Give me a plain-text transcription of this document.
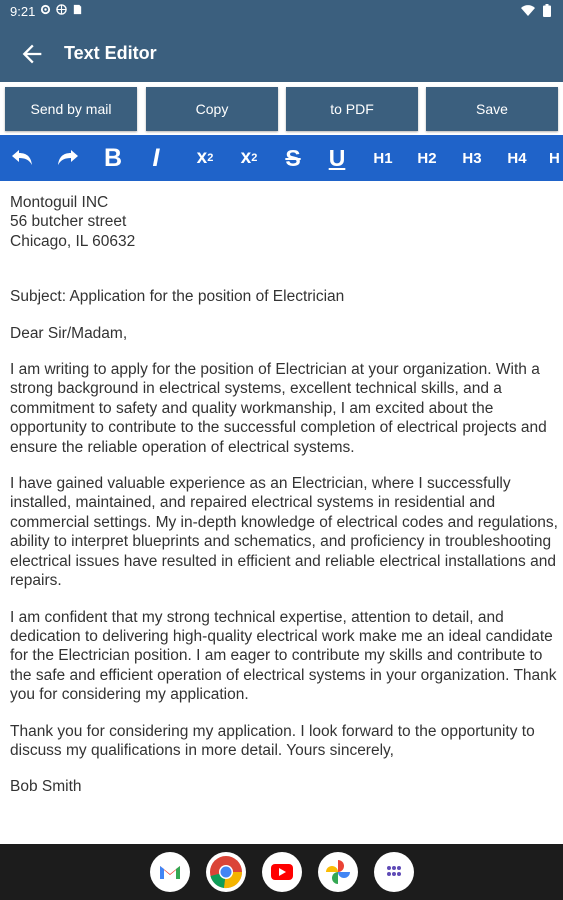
9:21
Text Editor
Send by mail	Copy	to PDF	Save
B	I	x 2	x 2 S U	H1 H2 H3 H4 H

Montoguil INC

56 butcher street

Chicago, IL 60632

Subject: Application for the position of Electrician

Dear Sir/Madam,

I am writing to apply for the position of Electrician at your organization. With a strong background in electrical systems, excellent technical skills, and a commitment to safety and quality workmanship, I am excited about the opportunity to contribute to the successful completion of electrical projects and ensure the reliable operation of electrical systems.

I have gained valuable experience as an Electrician, where I successfully installed, maintained, and repaired electrical systems in residential and commercial settings. My in-depth knowledge of electrical codes and regulations, ability to interpret blueprints and schematics, and proficiency in troubleshooting electrical issues have resulted in efficient and reliable electrical installations and repairs.

I am confident that my strong technical expertise, attention to detail, and dedication to delivering high-quality electrical work make me an ideal candidate for the Electrician position. I am eager to contribute my skills and contribute to the safe and efficient operation of electrical systems in your organization. Thank you for considering my application.

Thank you for considering my application. I look forward to the opportunity to discuss my qualifications in more detail. Yours sincerely,

Bob Smith
